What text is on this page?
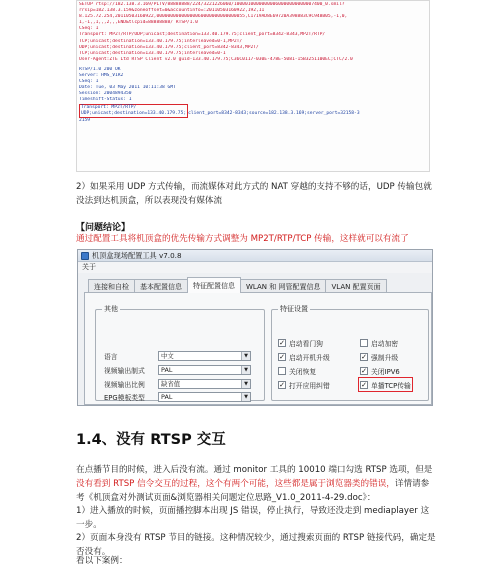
SETUP rtsp://182.138.3.169/PLTV/88888888/224/3221226060/10000100000000060000000000007400_0.smil?
rrsip=182.138.3.159&zoneoffset=0&accountinfo=:20110503160922,192,11
8.125.72.254,20110503160922,00000000000000060000000000000055,C1719AD8E69720A398883C9C948B05,-1,0,
1,-1,,1,,,2,,,END&tlcpid=88888888/ RTSP/1.0
CSeq: 1
Transport: MP2T/RTP/UDP;unicast;destination=133.40.179.75;client_port=8342-8343,MP2T/RTP/
TCP;unicast;destination=133.40.179.75;interleaved=0-1,MP2T/
UDP;unicast;destination=133.40.179.75;client_port=8342-8343,MP2T/
TCP;unicast;destination=133.40.179.75;interleaved=0-1
User-Agent:ZTE Ltd RTSP Client v2.0 guid-133.40.179.75;C36C0117-030E-478E-5081-15B3251100EC;CTC/2.0
RTSP/1.0 200 OK
Server: HMS_V1R2
CSeq: 1
Date: Tue, 03 May 2011 10:11:38 GMT
Session: 2004894350
Timeshift-Status: 1
Transport: MP2T/RTP/
UDP;unicast;destination=133.40.179.75; client_port=8342-8343;source=182.138.3.169;server_port=32158-3
2159
2）如果采用 UDP 方式传输，而流媒体对此方式的 NAT 穿越的支持不够的话，UDP 传输包就没法到达机顶盒，所以表现没有媒体流
【问题结论】
通过配置工具将机顶盒的优先传输方式调整为 MP2T/RTP/TCP 传输，这样就可以有流了
机顶盒现场配置工具 v7.0.8
关于
连接和自检	基本配置信息	特征配置信息	WLAN 和 网管配置信息	VLAN 配置页面
其他
语言	中文	▼
视频输出制式	PAL	▼
视频输出比例	缺省值	▼
EPG模板类型	PAL	▼
特征设置
✓ 启动看门狗	启动加密
✓ 启动开机升级	✓ 强制升级
关闭恢复	✓ 关闭IPV6
✓ 打开应用纠错	✓ 单播TCP传输
1.4、没有 RTSP 交互
在点播节目的时候，进入后没有流。通过 monitor 工具的 10010 端口勾选 RTSP 选项，但是没有看到 RTSP 信令交互的过程，这个有两个可能，这些都是属于浏览器类的错误，详情请参考《机顶盒对外测试页面&浏览器相关问题定位思路_V1.0_2011-4-29.doc》：
1）进入播放的时候，页面播控脚本出现 JS 错误，停止执行，导致还没走到 mediaplayer 这一步。
2）页面本身没有 RTSP 节目的链接。这种情况较少，通过搜索页面的 RTSP 链接代码，确定是否没有。
看以下案例：
